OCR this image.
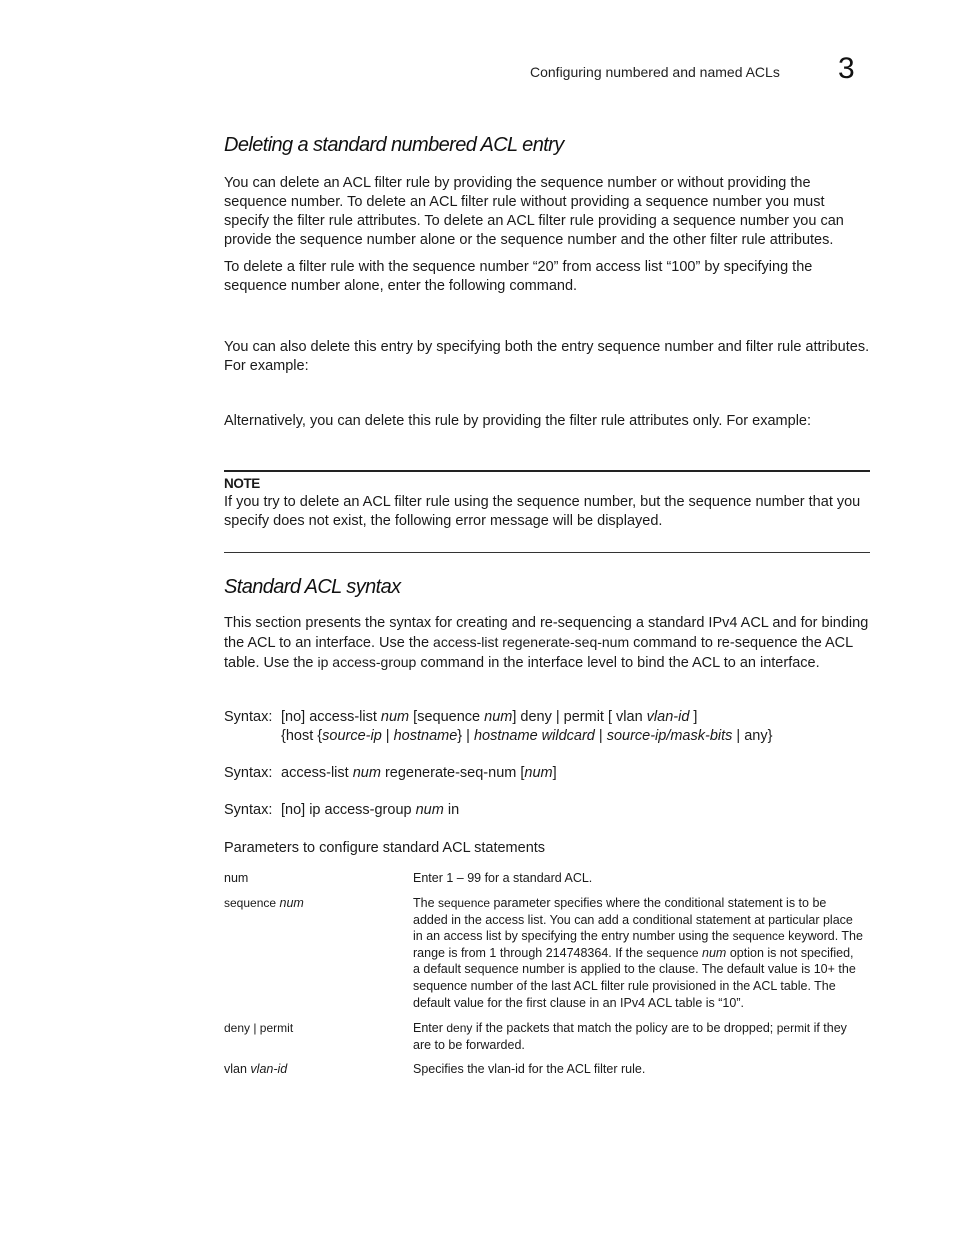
Configuring numbered and named ACLs 3
Deleting a standard numbered ACL entry

You can delete an ACL filter rule by providing the sequence number or without providing the sequence number. To delete an ACL filter rule without providing a sequence number you must specify the filter rule attributes. To delete an ACL filter rule providing a sequence number you can provide the sequence number alone or the sequence number and the other filter rule attributes.

To delete a filter rule with the sequence number “20” from access list “100” by specifying the sequence number alone, enter the following command.

You can also delete this entry by specifying both the entry sequence number and filter rule attributes. For example:

Alternatively, you can delete this rule by providing the filter rule attributes only. For example:

NOTE

If you try to delete an ACL filter rule using the sequence number, but the sequence number that you specify does not exist, the following error message will be displayed.

Standard ACL syntax

This section presents the syntax for creating and re-sequencing a standard IPv4 ACL and for binding the ACL to an interface. Use the access-list regenerate-seq-num command to re-sequence the ACL table. Use the ip access-group command in the interface level to bind the ACL to an interface.

Syntax: [no] access-list num [sequence num] deny | permit [ vlan vlan-id ]
{host {source-ip | hostname} | hostname wildcard | source-ip/mask-bits | any}
Syntax: access-list num regenerate-seq-num [num]
Syntax: [no] ip access-group num in
Parameters to configure standard ACL statements
num	Enter 1 – 99 for a standard ACL.
sequence num	The sequence parameter specifies where the conditional statement is to be added in the access list. You can add a conditional statement at particular place in an access list by specifying the entry number using the sequence keyword. The range is from 1 through 214748364. If the sequence num option is not specified, a default sequence number is applied to the clause. The default value is 10+ the sequence number of the last ACL filter rule provisioned in the ACL table. The default value for the first clause in an IPv4 ACL table is “10”.
deny | permit	Enter deny if the packets that match the policy are to be dropped; permit if they are to be forwarded.
vlan vlan-id	Specifies the vlan-id for the ACL filter rule.
